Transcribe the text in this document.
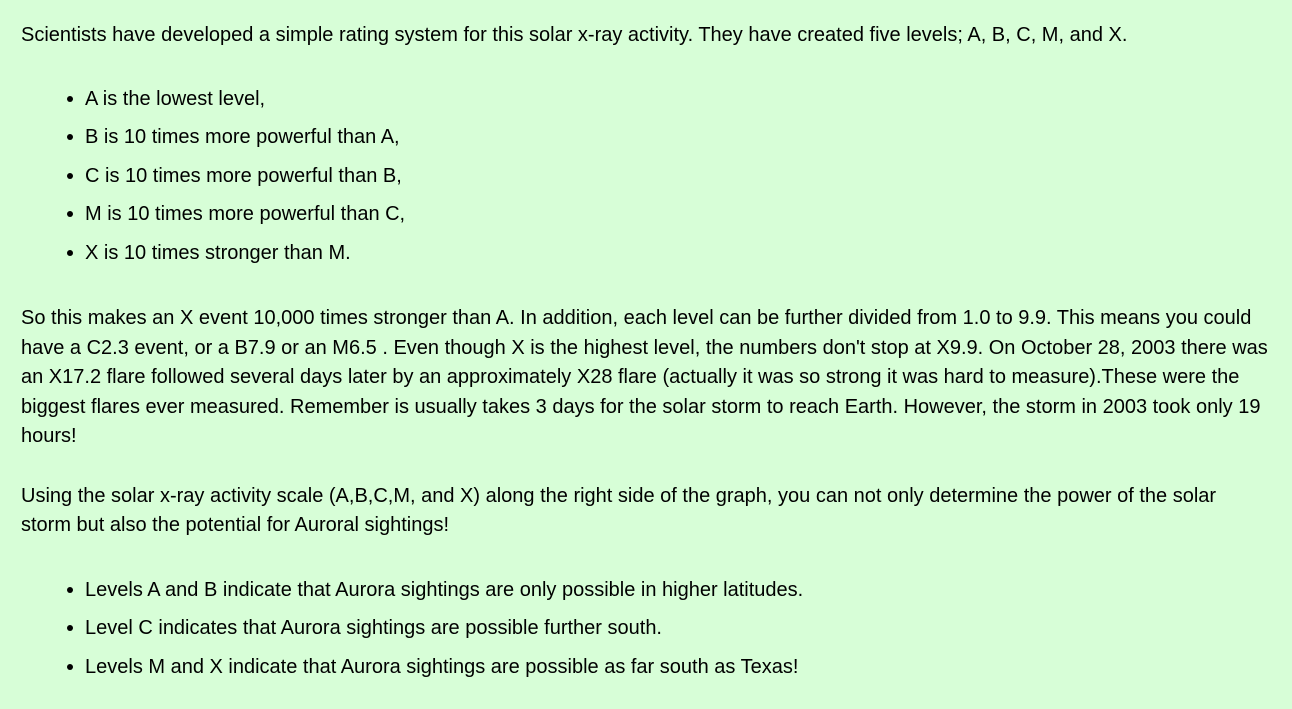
Scientists have developed a simple rating system for this solar x-ray activity. They have created five levels; A, B, C, M, and X.

A is the lowest level,
B is 10 times more powerful than A,
C is 10 times more powerful than B,
M is 10 times more powerful than C,
X is 10 times stronger than M.

So this makes an X event 10,000 times stronger than A. In addition, each level can be further divided from 1.0 to 9.9. This means you could have a C2.3 event, or a B7.9 or an M6.5 . Even though X is the highest level, the numbers don't stop at X9.9. On October 28, 2003 there was an X17.2 flare followed several days later by an approximately X28 flare (actually it was so strong it was hard to measure).These were the biggest flares ever measured. Remember is usually takes 3 days for the solar storm to reach Earth. However, the storm in 2003 took only 19 hours!

Using the solar x-ray activity scale (A,B,C,M, and X) along the right side of the graph, you can not only determine the power of the solar storm but also the potential for Auroral sightings!

Levels A and B indicate that Aurora sightings are only possible in higher latitudes.
Level C indicates that Aurora sightings are possible further south.
Levels M and X indicate that Aurora sightings are possible as far south as Texas!
